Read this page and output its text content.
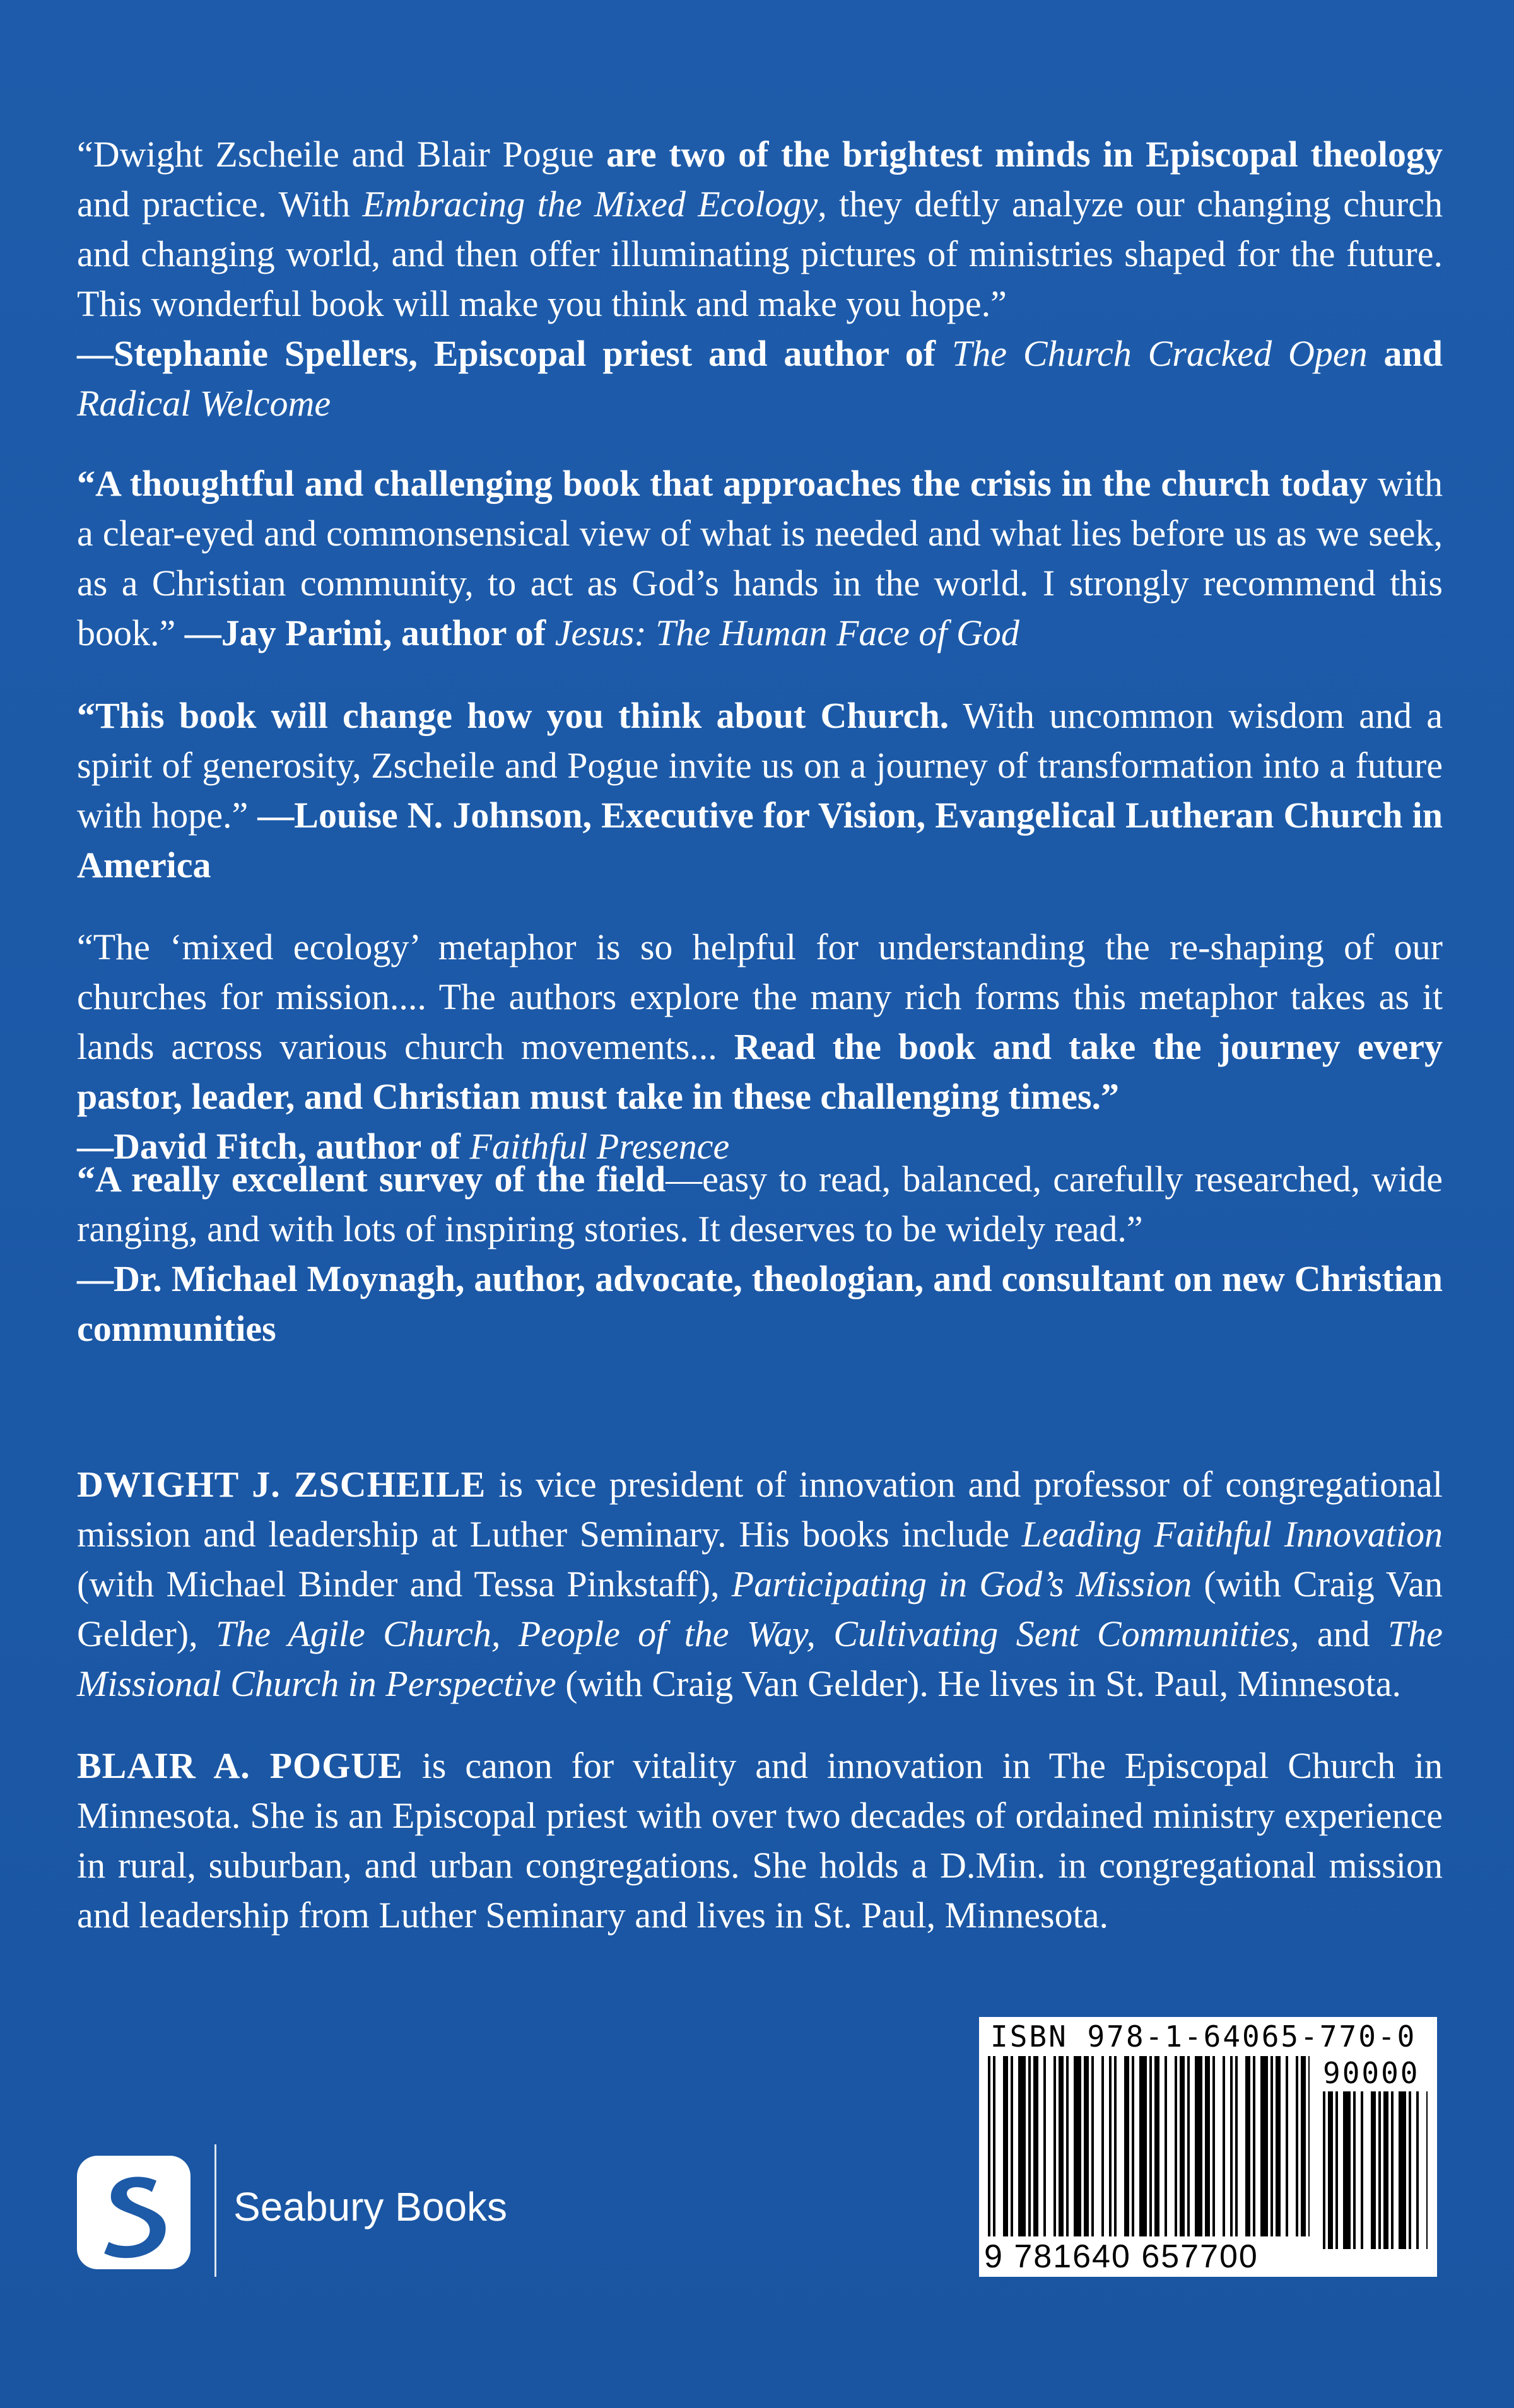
“Dwight Zscheile and Blair Pogue are two of the brightest minds in Episcopal theology and practice. With Embracing the Mixed Ecology, they deftly analyze our changing church and changing world, and then offer illuminating pictures of ministries shaped for the future. This wonderful book will make you think and make you hope.”

—Stephanie Spellers, Episcopal priest and author of The Church Cracked Open and Radical Welcome

“A thoughtful and challenging book that approaches the crisis in the church today with a clear-eyed and commonsensical view of what is needed and what lies before us as we seek, as a Christian community, to act as God’s hands in the world. I strongly recommend this book.” —Jay Parini, author of Jesus: The Human Face of God

“This book will change how you think about Church. With uncommon wisdom and a spirit of generosity, Zscheile and Pogue invite us on a journey of transformation into a future with hope.” —Louise N. Johnson, Executive for Vision, Evangelical Lutheran Church in America

“The ‘mixed ecology’ metaphor is so helpful for understanding the re-shaping of our churches for mission.... The authors explore the many rich forms this metaphor takes as it lands across various church movements... Read the book and take the journey every pastor, leader, and Christian must take in these challenging times.”

—David Fitch, author of Faithful Presence

“A really excellent survey of the field—easy to read, balanced, carefully researched, wide ranging, and with lots of inspiring stories. It deserves to be widely read.”

—Dr. Michael Moynagh, author, advocate, theologian, and consultant on new Christian communities

DWIGHT J. ZSCHEILE is vice president of innovation and professor of congregational mission and leadership at Luther Seminary. His books include Leading Faithful Innovation (with Michael Binder and Tessa Pinkstaff), Participating in God’s Mission (with Craig Van Gelder), The Agile Church, People of the Way, Cultivating Sent Communities, and The Missional Church in Perspective (with Craig Van Gelder). He lives in St. Paul, Minnesota.

BLAIR A. POGUE is canon for vitality and innovation in The Episcopal Church in Minnesota. She is an Episcopal priest with over two decades of ordained ministry experience in rural, suburban, and urban congregations. She holds a D.Min. in congregational mission and leadership from Luther Seminary and lives in St. Paul, Minnesota.

Seabury Books
ISBN 978-1-64065-770-0
90000
9 781640 657700
